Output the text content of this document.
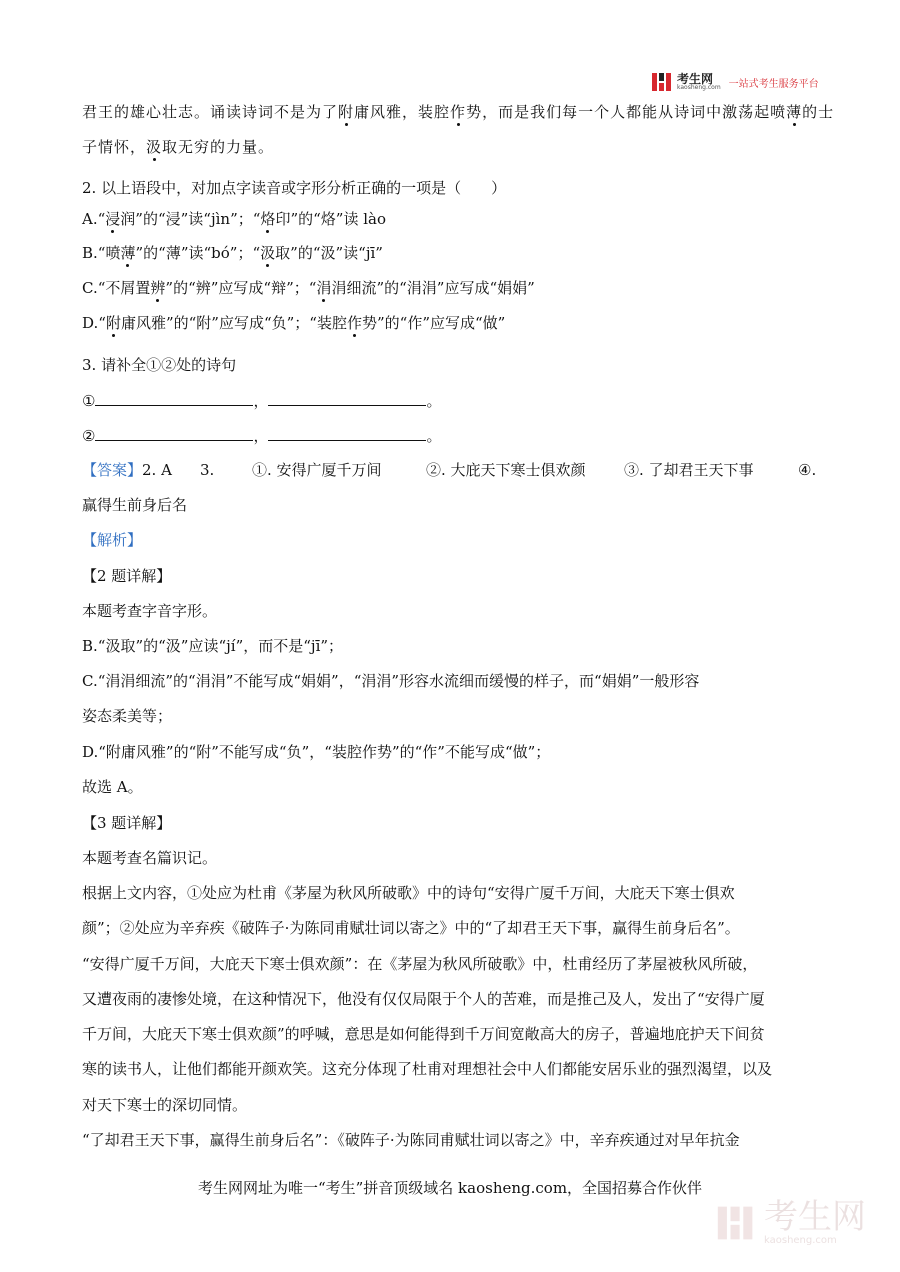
考生网
kaosheng.com 一站式考生服务平台
君王的雄心壮志。诵读诗词不是为了附庸风雅，装腔作势，而是我们每一个人都能从诗词中激荡起喷薄的士
子情怀，汲取无穷的力量。
2. 以上语段中，对加点字读音或字形分析正确的一项是（　　）
A.“浸润”的“浸”读“jìn”；“烙印”的“烙”读 lào
B.“喷薄”的“薄”读“bó”；“汲取”的“汲”读“jī”
C.“不屑置辨”的“辨”应写成“辩”；“涓涓细流”的“涓涓”应写成“娟娟”
D.“附庸风雅”的“附”应写成“负”；“装腔作势”的“作”应写成“做”
3. 请补全①②处的诗句
①	，	。
②	，	。
【答案】2. A 3.	①. 安得广厦千万间	②. 大庇天下寒士俱欢颜	③. 了却君王天下事	④.
赢得生前身后名
【解析】
【2 题详解】
本题考查字音字形。
B.“汲取”的“汲”应读“jí”，而不是“jī”；
C.“涓涓细流”的“涓涓”不能写成“娟娟”，“涓涓”形容水流细而缓慢的样子，而“娟娟”一般形容
姿态柔美等；
D.“附庸风雅”的“附”不能写成“负”，“装腔作势”的“作”不能写成“做”；
故选 A。
【3 题详解】
本题考查名篇识记。
根据上文内容，①处应为杜甫《茅屋为秋风所破歌》中的诗句“安得广厦千万间，大庇天下寒士俱欢
颜”；②处应为辛弃疾《破阵子·为陈同甫赋壮词以寄之》中的“了却君王天下事，赢得生前身后名”。
“安得广厦千万间，大庇天下寒士俱欢颜”：在《茅屋为秋风所破歌》中，杜甫经历了茅屋被秋风所破，
又遭夜雨的凄惨处境，在这种情况下，他没有仅仅局限于个人的苦难，而是推己及人，发出了“安得广厦
千万间，大庇天下寒士俱欢颜”的呼喊，意思是如何能得到千万间宽敞高大的房子，普遍地庇护天下间贫
寒的读书人，让他们都能开颜欢笑。这充分体现了杜甫对理想社会中人们都能安居乐业的强烈渴望，以及
对天下寒士的深切同情。
“了却君王天下事，赢得生前身后名”：《破阵子·为陈同甫赋壮词以寄之》中，辛弃疾通过对早年抗金
考生网网址为唯一“考生”拼音顶级域名 kaosheng.com，全国招募合作伙伴
考生网
kaosheng.com
